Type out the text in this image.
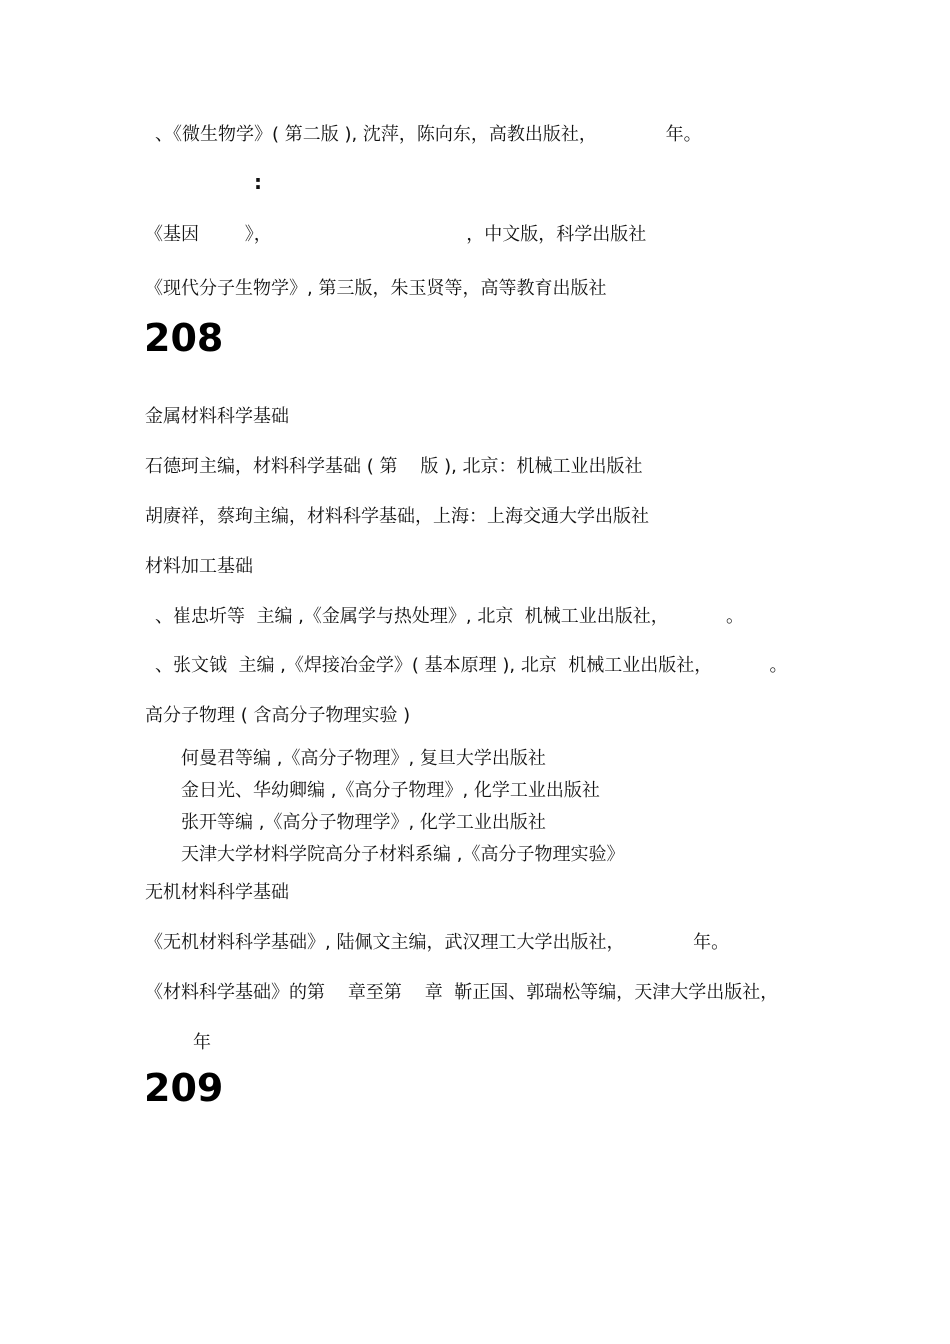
、《微生物学》( 第二版 ), 沈萍，陈向东，高教出版社，            年。

:

《基因        》，                                  ，中文版，科学出版社

《现代分子生物学》, 第三版，朱玉贤等，高等教育出版社

208

金属材料科学基础

石德珂主编，材料科学基础 ( 第    版 ), 北京：机械工业出版社

胡赓祥，蔡珣主编，材料科学基础，上海：上海交通大学出版社

材料加工基础

、崔忠圻等  主编 ,《金属学与热处理》, 北京  机械工业出版社，          。

、张文钺  主编 ,《焊接冶金学》( 基本原理 ), 北京  机械工业出版社，          。

高分子物理 ( 含高分子物理实验 )

何曼君等编 ,《高分子物理》, 复旦大学出版社

金日光、华幼卿编 ,《高分子物理》, 化学工业出版社

张开等编 ,《高分子物理学》, 化学工业出版社

天津大学材料学院高分子材料系编 ,《高分子物理实验》

无机材料科学基础

《无机材料科学基础》, 陆佩文主编，武汉理工大学出版社，            年。

《材料科学基础》的第    章至第    章  靳正国、郭瑞松等编，天津大学出版社，

年

209
